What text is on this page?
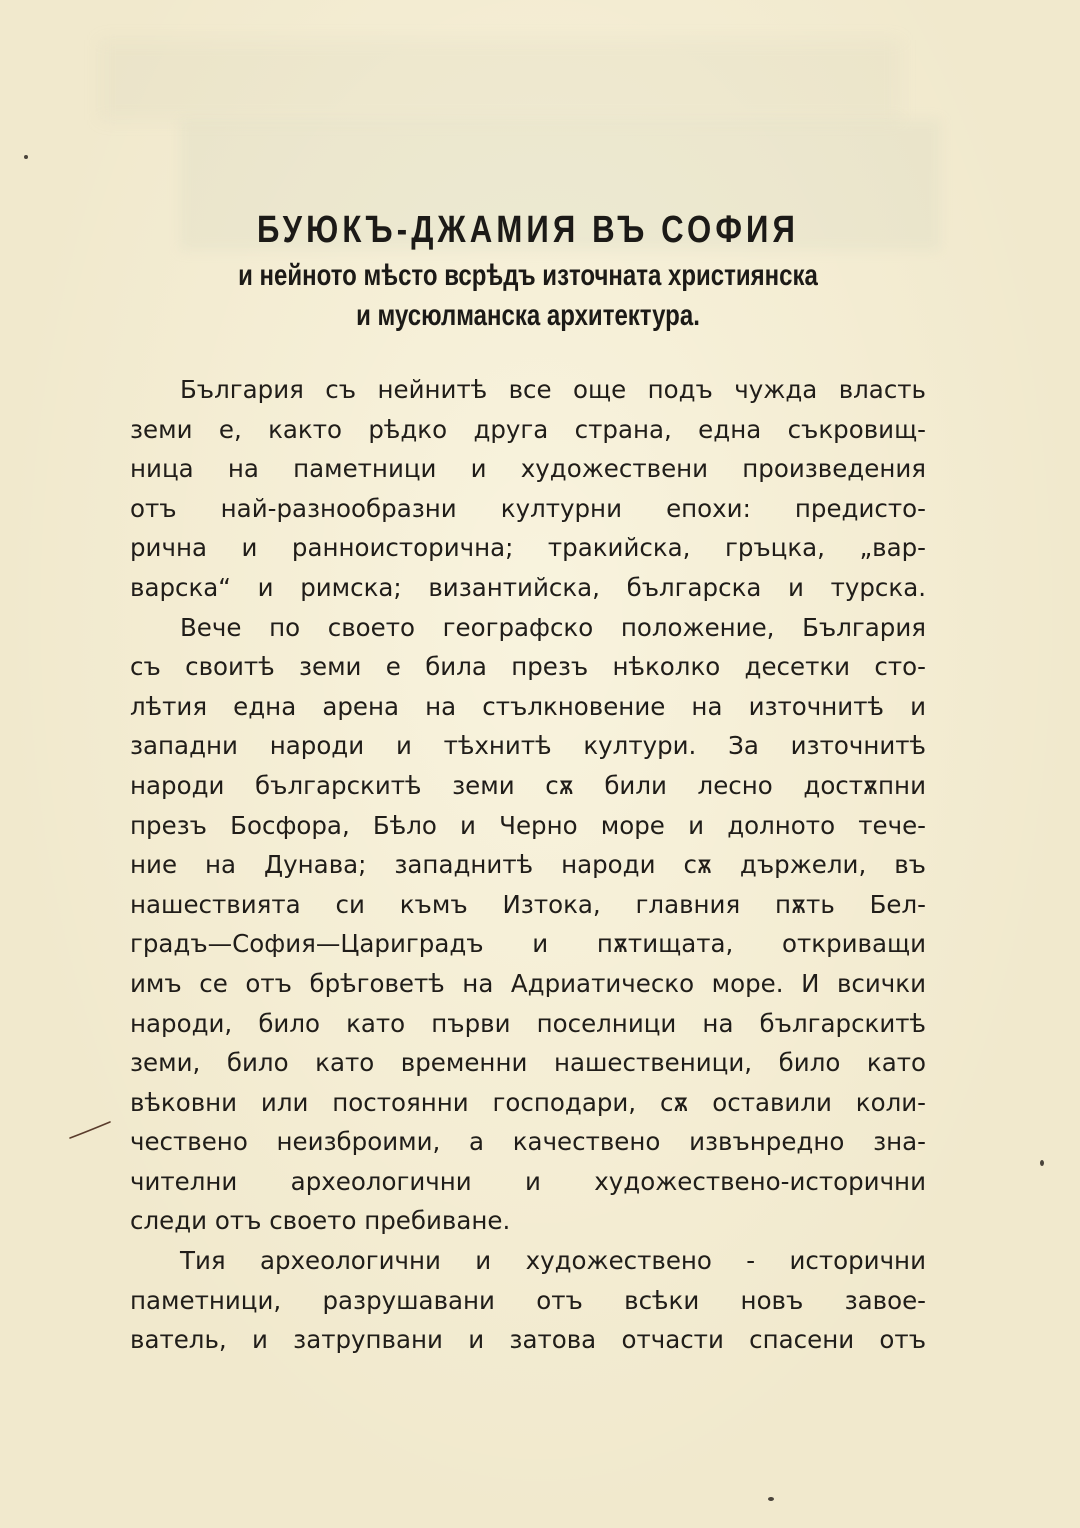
БУЮКЪ-ДЖАМИЯ ВЪ СОФИЯ
и нейното мѣсто всрѣдъ източната християнска
и мусюлманска архитектура.

България съ нейнитѣ все още подъ чужда власть
земи е, както рѣдко друга страна, една съкровищ-
ница на паметници и художествени произведения
отъ най-разнообразни културни епохи: предисто-
рична и ранноисторична; тракийска, гръцка, „вар-
варска“ и римска; византийска, българска и турска.

Вече по своето географско положение, България
съ своитѣ земи е била презъ нѣколко десетки сто-
лѣтия една арена на стълкновение на източнитѣ и
западни народи и тѣхнитѣ култури. За източнитѣ
народи българскитѣ земи сѫ били лесно достѫпни
презъ Босфора, Бѣло и Черно море и долното тече-
ние на Дунава; западнитѣ народи сѫ държели, въ
нашествията си къмъ Изтока, главния пѫть Бел-
градъ—София—Цариградъ и пѫтищата, откриващи
имъ се отъ брѣговетѣ на Адриатическо море. И всички
народи, било като първи поселници на българскитѣ
земи, било като временни нашественици, било като
вѣковни или постоянни господари, сѫ оставили коли-
чествено неизброими, а качествено извънредно зна-
чителни археологични и художествено-исторични
следи отъ своето пребиване.

Тия археологични и художествено - исторични
паметници, разрушавани отъ всѣки новъ завое-
ватель, и затрупвани и затова отчасти спасени отъ
